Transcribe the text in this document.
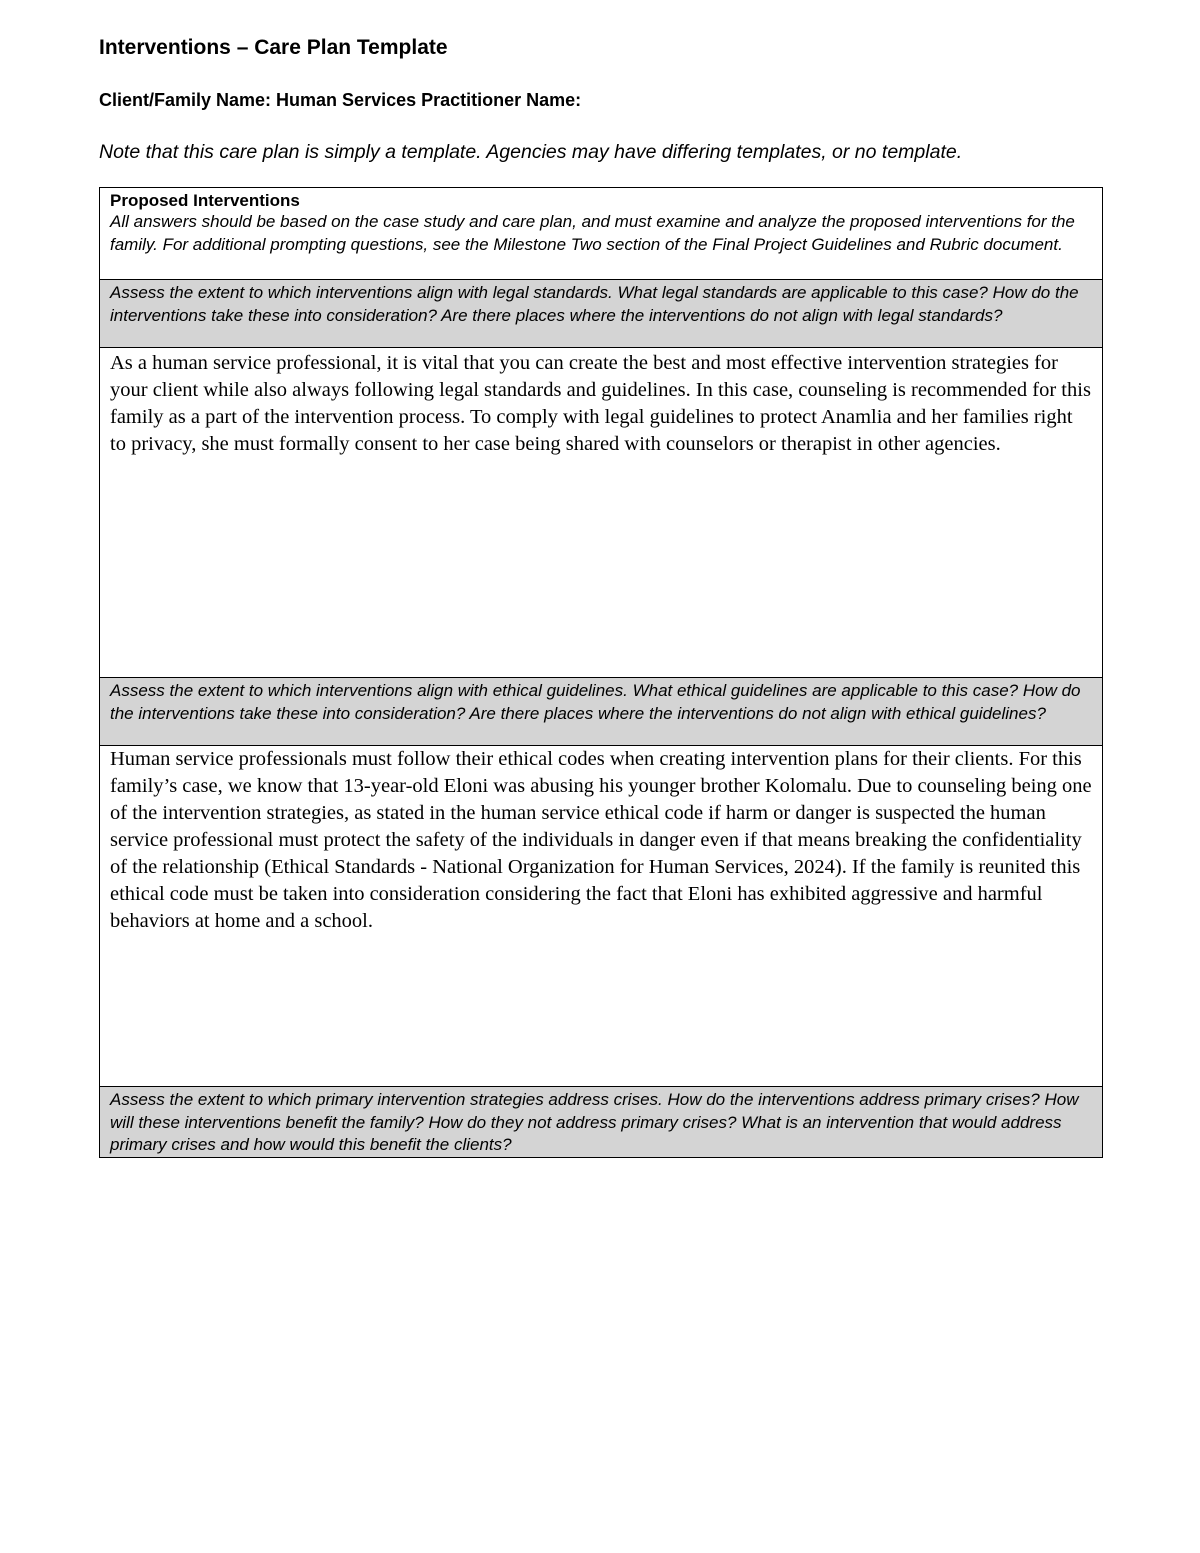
Interventions – Care Plan Template

Client/Family Name: Human Services Practitioner Name:

Note that this care plan is simply a template. Agencies may have differing templates, or no template.

Proposed Interventions
All answers should be based on the case study and care plan, and must examine and analyze the proposed interventions for the family. For additional prompting questions, see the Milestone Two section of the Final Project Guidelines and Rubric document.

Assess the extent to which interventions align with legal standards. What legal standards are applicable to this case? How do the interventions take these into consideration? Are there places where the interventions do not align with legal standards?

As a human service professional, it is vital that you can create the best and most effective intervention strategies for your client while also always following legal standards and guidelines. In this case, counseling is recommended for this family as a part of the intervention process. To comply with legal guidelines to protect Anamlia and her families right to privacy, she must formally consent to her case being shared with counselors or therapist in other agencies.

Assess the extent to which interventions align with ethical guidelines. What ethical guidelines are applicable to this case? How do the interventions take these into consideration? Are there places where the interventions do not align with ethical guidelines?

Human service professionals must follow their ethical codes when creating intervention plans for their clients. For this family’s case, we know that 13-year-old Eloni was abusing his younger brother Kolomalu. Due to counseling being one of the intervention strategies, as stated in the human service ethical code if harm or danger is suspected the human service professional must protect the safety of the individuals in danger even if that means breaking the confidentiality of the relationship (Ethical Standards - National Organization for Human Services, 2024). If the family is reunited this ethical code must be taken into consideration considering the fact that Eloni has exhibited aggressive and harmful behaviors at home and a school.

Assess the extent to which primary intervention strategies address crises. How do the interventions address primary crises? How will these interventions benefit the family? How do they not address primary crises? What is an intervention that would address primary crises and how would this benefit the clients?
